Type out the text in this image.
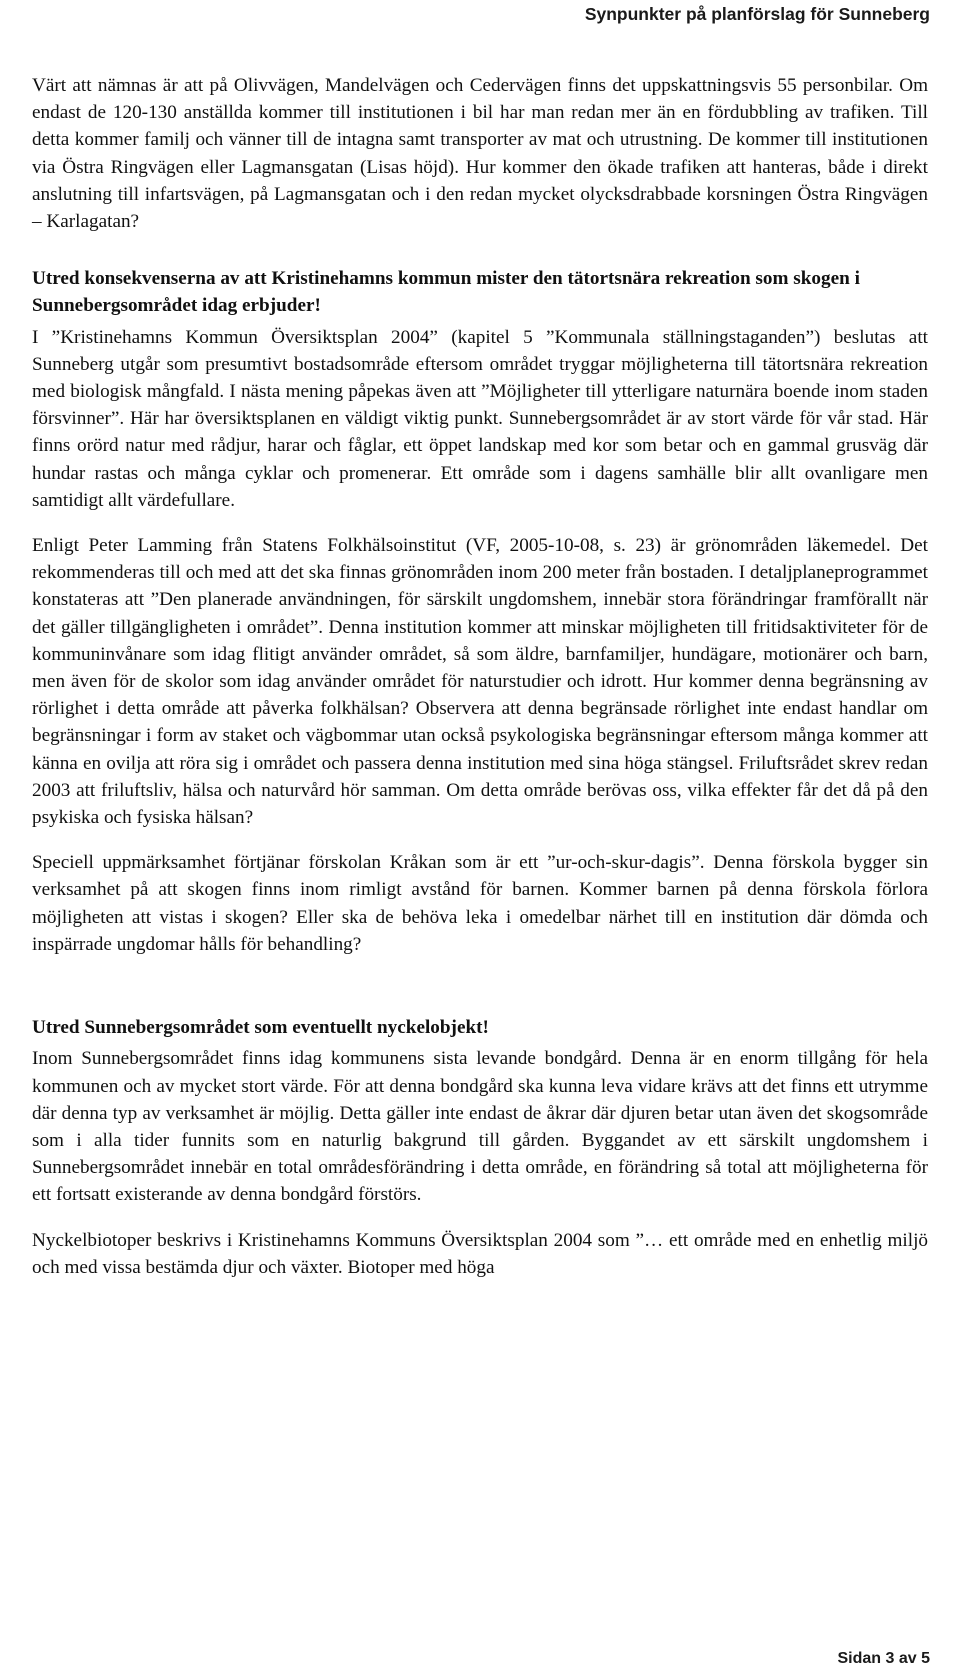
Synpunkter på planförslag för Sunneberg

Värt att nämnas är att på Olivvägen, Mandelvägen och Cedervägen finns det uppskattningsvis 55 personbilar. Om endast de 120-130 anställda kommer till institutionen i bil har man redan mer än en fördubbling av trafiken. Till detta kommer familj och vänner till de intagna samt transporter av mat och utrustning. De kommer till institutionen via Östra Ringvägen eller Lagmansgatan (Lisas höjd). Hur kommer den ökade trafiken att hanteras, både i direkt anslutning till infartsvägen, på Lagmansgatan och i den redan mycket olycksdrabbade korsningen Östra Ringvägen – Karlagatan?

Utred konsekvenserna av att Kristinehamns kommun mister den tätortsnära rekreation som skogen i Sunnebergsområdet idag erbjuder!

I ”Kristinehamns Kommun Översiktsplan 2004” (kapitel 5 ”Kommunala ställningstaganden”) beslutas att Sunneberg utgår som presumtivt bostadsområde eftersom området tryggar möjligheterna till tätortsnära rekreation med biologisk mångfald. I nästa mening påpekas även att ”Möjligheter till ytterligare naturnära boende inom staden försvinner”. Här har översiktsplanen en väldigt viktig punkt. Sunnebergsområdet är av stort värde för vår stad. Här finns orörd natur med rådjur, harar och fåglar, ett öppet landskap med kor som betar och en gammal grusväg där hundar rastas och många cyklar och promenerar. Ett område som i dagens samhälle blir allt ovanligare men samtidigt allt värdefullare.

Enligt Peter Lamming från Statens Folkhälsoinstitut (VF, 2005-10-08, s. 23) är grönområden läkemedel. Det rekommenderas till och med att det ska finnas grönområden inom 200 meter från bostaden. I detaljplaneprogrammet konstateras att ”Den planerade användningen, för särskilt ungdomshem, innebär stora förändringar framförallt när det gäller tillgängligheten i området”. Denna institution kommer att minskar möjligheten till fritidsaktiviteter för de kommuninvånare som idag flitigt använder området, så som äldre, barnfamiljer, hundägare, motionärer och barn, men även för de skolor som idag använder området för naturstudier och idrott. Hur kommer denna begränsning av rörlighet i detta område att påverka folkhälsan? Observera att denna begränsade rörlighet inte endast handlar om begränsningar i form av staket och vägbommar utan också psykologiska begränsningar eftersom många kommer att känna en ovilja att röra sig i området och passera denna institution med sina höga stängsel. Friluftsrådet skrev redan 2003 att friluftsliv, hälsa och naturvård hör samman. Om detta område berövas oss, vilka effekter får det då på den psykiska och fysiska hälsan?

Speciell uppmärksamhet förtjänar förskolan Kråkan som är ett ”ur-och-skur-dagis”. Denna förskola bygger sin verksamhet på att skogen finns inom rimligt avstånd för barnen. Kommer barnen på denna förskola förlora möjligheten att vistas i skogen? Eller ska de behöva leka i omedelbar närhet till en institution där dömda och inspärrade ungdomar hålls för behandling?

Utred Sunnebergsområdet som eventuellt nyckelobjekt!

Inom Sunnebergsområdet finns idag kommunens sista levande bondgård. Denna är en enorm tillgång för hela kommunen och av mycket stort värde. För att denna bondgård ska kunna leva vidare krävs att det finns ett utrymme där denna typ av verksamhet är möjlig. Detta gäller inte endast de åkrar där djuren betar utan även det skogsområde som i alla tider funnits som en naturlig bakgrund till gården. Byggandet av ett särskilt ungdomshem i Sunnebergsområdet innebär en total områdesförändring i detta område, en förändring så total att möjligheterna för ett fortsatt existerande av denna bondgård förstörs.

Nyckelbiotoper beskrivs i Kristinehamns Kommuns Översiktsplan 2004 som ”… ett område med en enhetlig miljö och med vissa bestämda djur och växter. Biotoper med höga

Sidan 3 av 5
